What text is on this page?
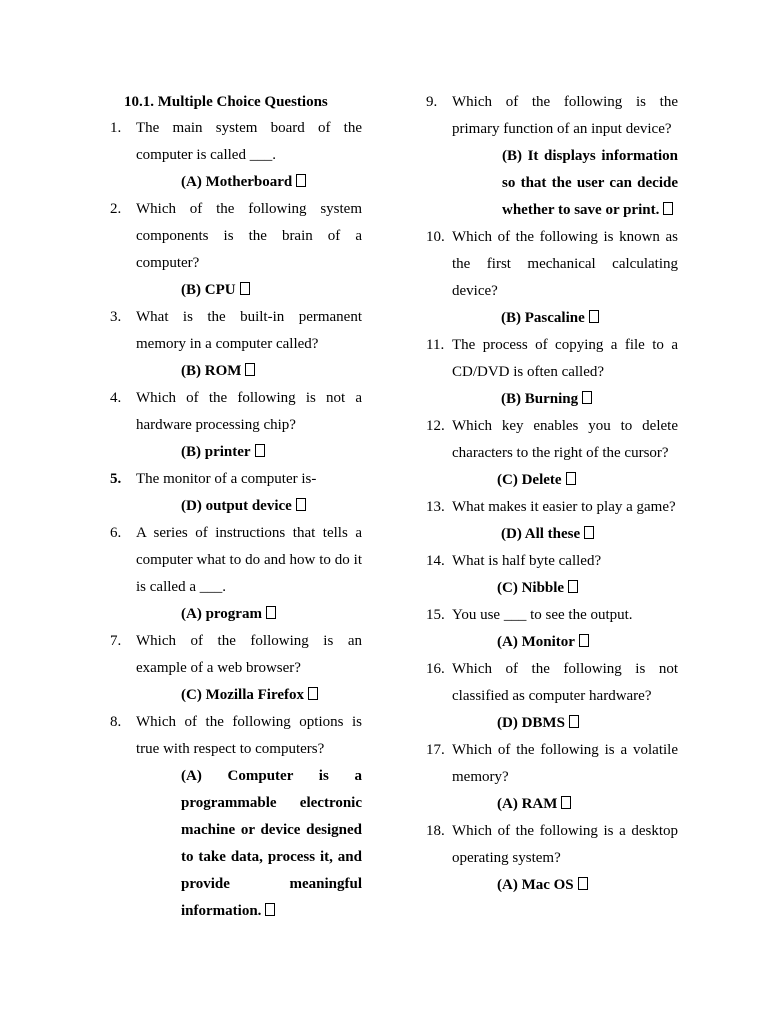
10.1. Multiple Choice Questions
1. The main system board of the computer is called ___.
(A) Motherboard
2. Which of the following system components is the brain of a computer?
(B) CPU
3. What is the built-in permanent memory in a computer called?
(B) ROM
4. Which of the following is not a hardware processing chip?
(B) printer
5. The monitor of a computer is-
(D) output device
6. A series of instructions that tells a computer what to do and how to do it is called a ___.
(A) program
7. Which of the following is an example of a web browser?
(C) Mozilla Firefox
8. Which of the following options is true with respect to computers?
(A) Computer is a programmable electronic machine or device designed to take data, process it, and provide meaningful information.
9. Which of the following is the primary function of an input device?
(B) It displays information so that the user can decide whether to save or print.
10. Which of the following is known as the first mechanical calculating device?
(B) Pascaline
11. The process of copying a file to a CD/DVD is often called?
(B) Burning
12. Which key enables you to delete characters to the right of the cursor?
(C) Delete
13. What makes it easier to play a game?
(D) All these
14. What is half byte called?
(C) Nibble
15. You use ___ to see the output.
(A) Monitor
16. Which of the following is not classified as computer hardware?
(D) DBMS
17. Which of the following is a volatile memory?
(A) RAM
18. Which of the following is a desktop operating system?
(A) Mac OS
